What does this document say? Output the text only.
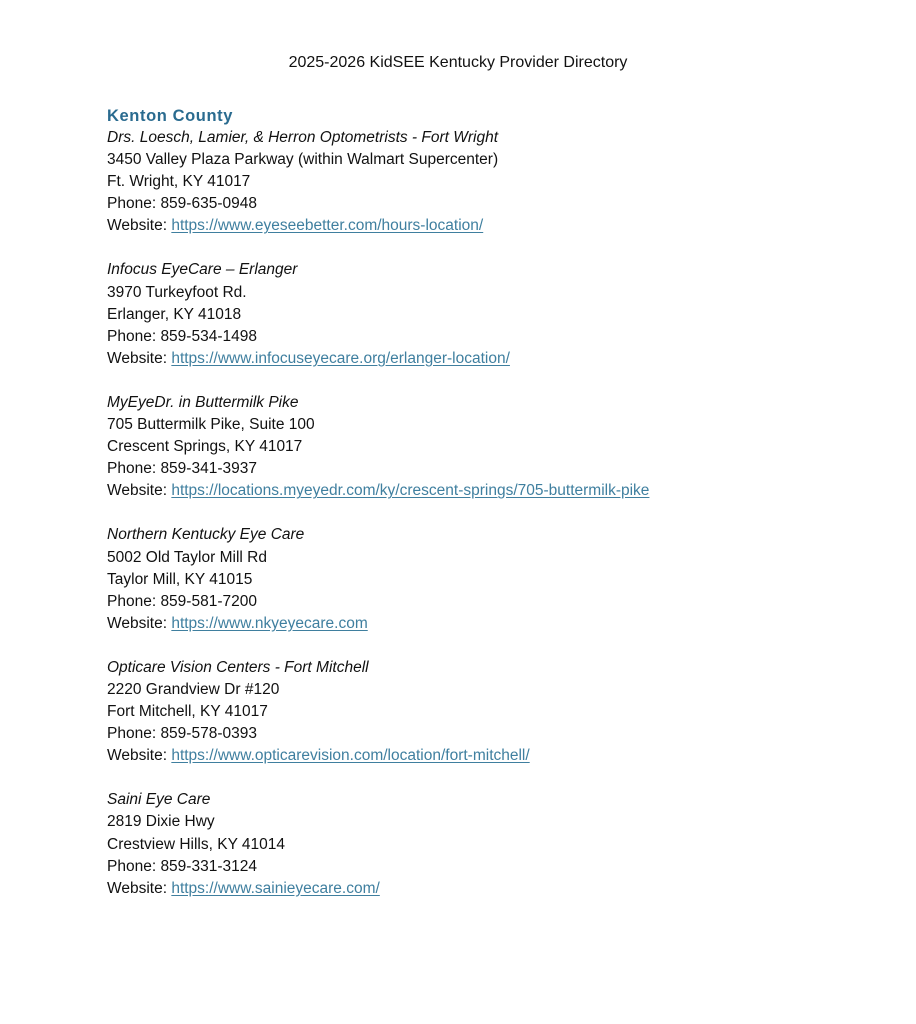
2025-2026 KidSEE Kentucky Provider Directory
Kenton County
Drs. Loesch, Lamier, & Herron Optometrists - Fort Wright
3450 Valley Plaza Parkway (within Walmart Supercenter)
Ft. Wright, KY 41017
Phone: 859-635-0948
Website: https://www.eyeseebetter.com/hours-location/
Infocus EyeCare – Erlanger
3970 Turkeyfoot Rd.
Erlanger, KY 41018
Phone: 859-534-1498
Website: https://www.infocuseyecare.org/erlanger-location/
MyEyeDr. in Buttermilk Pike
705 Buttermilk Pike, Suite 100
Crescent Springs, KY 41017
Phone: 859-341-3937
Website: https://locations.myeyedr.com/ky/crescent-springs/705-buttermilk-pike
Northern Kentucky Eye Care
5002 Old Taylor Mill Rd
Taylor Mill, KY 41015
Phone: 859-581-7200
Website: https://www.nkyeyecare.com
Opticare Vision Centers - Fort Mitchell
2220 Grandview Dr #120
Fort Mitchell, KY 41017
Phone: 859-578-0393
Website: https://www.opticarevision.com/location/fort-mitchell/
Saini Eye Care
2819 Dixie Hwy
Crestview Hills, KY 41014
Phone: 859-331-3124
Website: https://www.sainieyecare.com/
